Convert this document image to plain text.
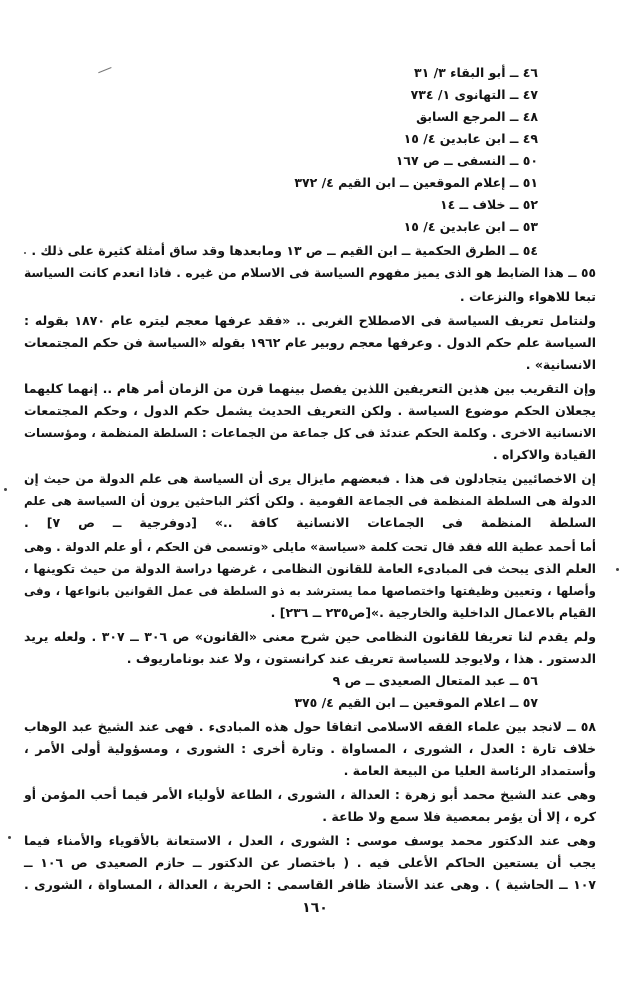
٤٦ ــ أبو البقاء ٣/ ٣١
٤٧ ــ التهانوى ١/ ٧٣٤
٤٨ ــ المرجع السابق
٤٩ ــ ابن عابدين ٤/ ١٥
٥٠ ــ النسفى ــ ص ١٦٧
٥١ ــ إعلام الموقعين ــ ابن القيم ٤/ ٣٧٢
٥٢ ــ خلاف ــ ١٤
٥٣ ــ ابن عابدين ٤/ ١٥
٥٤ ــ الطرق الحكمية ــ ابن القيم ــ ص ١٣ ومابعدها وقد ساق أمثلة كثيرة على ذلك .
٥٥ ــ هذا الضابط هو الذى يميز مفهوم السياسة فى الاسلام من غيره . فاذا انعدم كانت السياسة
تبعا للاهواء والنزعات .
ولنتامل تعريف السياسة فى الاصطلاح الغربى .. «فقد عرفها معجم ليتره عام ١٨٧٠ بقوله :
السياسة علم حكم الدول . وعرفها معجم روبير عام ١٩٦٢ بقوله «السياسة فن حكم المجتمعات
الانسانية» .
وإن التقريب بين هذين التعريفين اللذين يفصل بينهما قرن من الزمان أمر هام .. إنهما كليهما
يجعلان الحكم موضوع السياسة . ولكن التعريف الحديث يشمل حكم الدول ، وحكم المجتمعات
الانسانية الاخرى . وكلمة الحكم عندئذ فى كل جماعة من الجماعات : السلطة المنظمة ، ومؤسسات
القيادة والاكراه .
إن الاخصائيين يتجادلون فى هذا . فبعضهم مايزال يرى أن السياسة هى علم الدولة من حيث إن
الدولة هى السلطة المنظمة فى الجماعة القومية . ولكن أكثر الباحثين يرون أن السياسة هى علم
السلطة المنظمة فى الجماعات الانسانية كافة ..» [دوفرجية ــ ص ٧] .
أما أحمد عطية الله فقد قال تحت كلمة «سياسة» مايلى «وتسمى فن الحكم ، أو علم الدولة . وهى
العلم الذى يبحث فى المبادىء العامة للقانون النظامى ، غرضها دراسة الدولة من حيث تكوينها ،
وأصلها ، وتعيين وظيفتها واختصاصها مما يسترشد به ذو السلطة فى عمل القوانين بانواعها ، وفى
القيام بالاعمال الداخلية والخارجية .»[ص٢٣٥ ــ ٢٣٦] .
ولم يقدم لنا تعريفا للقانون النظامى حين شرح معنى «القانون» ص ٣٠٦ ــ ٣٠٧ . ولعله يريد
الدستور . هذا ، ولايوجد للسياسة تعريف عند كرانستون ، ولا عند بوناماريوف .
٥٦ ــ عبد المتعال الصعيدى ــ ص ٩
٥٧ ــ اعلام الموقعين ــ ابن القيم ٤/ ٣٧٥
٥٨ ــ لانجد بين علماء الفقه الاسلامى اتفاقا حول هذه المبادىء . فهى عند الشيخ عبد الوهاب
خلاف تارة : العدل ، الشورى ، المساواة . وتارة أخرى : الشورى ، ومسؤولية أولى الأمر ،
وأستمداد الرئاسة العليا من البيعة العامة .
وهى عند الشيخ محمد أبو زهرة : العدالة ، الشورى ، الطاعة لأولياء الأمر فيما أحب المؤمن أو
كره ، إلا أن يؤمر بمعصية فلا سمع ولا طاعة .
وهى عند الدكتور محمد يوسف موسى : الشورى ، العدل ، الاستعانة بالأقوياء والأمناء فيما
يجب أن يستعين الحاكم الأعلى فيه . ( باختصار عن الدكتور ــ حازم الصعيدى ص ١٠٦ ــ
١٠٧ ــ الحاشية ) . وهى عند الأستاذ ظافر القاسمى : الحرية ، العدالة ، المساواة ، الشورى .
١٦٠
